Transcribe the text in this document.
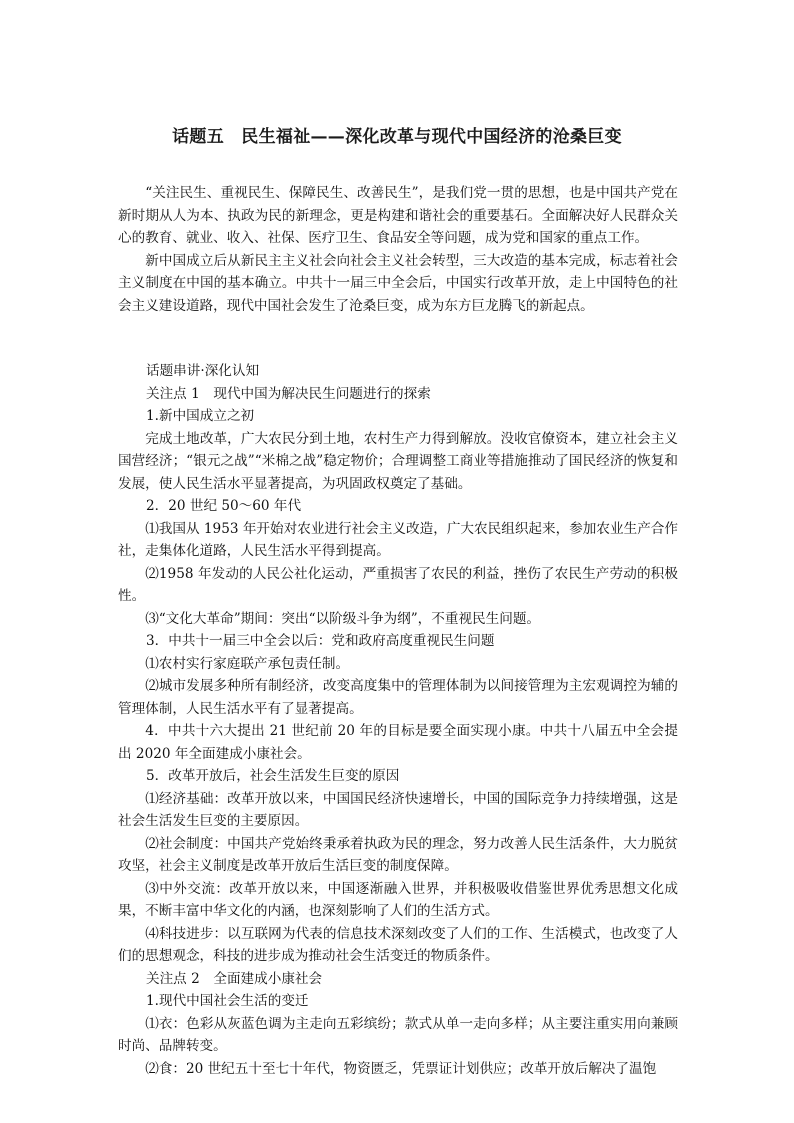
话题五　民生福祉——深化改革与现代中国经济的沧桑巨变

“关注民生、重视民生、保障民生、改善民生”，是我们党一贯的思想，也是中国共产党在新时期从人为本、执政为民的新理念，更是构建和谐社会的重要基石。全面解决好人民群众关心的教育、就业、收入、社保、医疗卫生、食品安全等问题，成为党和国家的重点工作。

新中国成立后从新民主主义社会向社会主义社会转型，三大改造的基本完成，标志着社会主义制度在中国的基本确立。中共十一届三中全会后，中国实行改革开放，走上中国特色的社会主义建设道路，现代中国社会发生了沧桑巨变，成为东方巨龙腾飞的新起点。

话题串讲·深化认知

关注点 1　现代中国为解决民生问题进行的探索

1.新中国成立之初

完成土地改革，广大农民分到土地，农村生产力得到解放。没收官僚资本，建立社会主义国营经济；“银元之战”“米棉之战”稳定物价；合理调整工商业等措施推动了国民经济的恢复和发展，使人民生活水平显著提高，为巩固政权奠定了基础。

2．20 世纪 50～60 年代

⑴我国从 1953 年开始对农业进行社会主义改造，广大农民组织起来，参加农业生产合作社，走集体化道路，人民生活水平得到提高。

⑵1958 年发动的人民公社化运动，严重损害了农民的利益，挫伤了农民生产劳动的积极性。

⑶“文化大革命”期间：突出“以阶级斗争为纲”，不重视民生问题。

3．中共十一届三中全会以后：党和政府高度重视民生问题

⑴农村实行家庭联产承包责任制。

⑵城市发展多种所有制经济，改变高度集中的管理体制为以间接管理为主宏观调控为辅的管理体制，人民生活水平有了显著提高。

4．中共十六大提出 21 世纪前 20 年的目标是要全面实现小康。中共十八届五中全会提出 2020 年全面建成小康社会。

5．改革开放后，社会生活发生巨变的原因

⑴经济基础：改革开放以来，中国国民经济快速增长，中国的国际竞争力持续增强，这是社会生活发生巨变的主要原因。

⑵社会制度：中国共产党始终秉承着执政为民的理念，努力改善人民生活条件，大力脱贫攻坚，社会主义制度是改革开放后生活巨变的制度保障。

⑶中外交流：改革开放以来，中国逐渐融入世界，并积极吸收借鉴世界优秀思想文化成果，不断丰富中华文化的内涵，也深刻影响了人们的生活方式。

⑷科技进步：以互联网为代表的信息技术深刻改变了人们的工作、生活模式，也改变了人们的思想观念，科技的进步成为推动社会生活变迁的物质条件。

关注点 2　全面建成小康社会

1.现代中国社会生活的变迁

⑴衣：色彩从灰蓝色调为主走向五彩缤纷；款式从单一走向多样；从主要注重实用向兼顾时尚、品牌转变。

⑵食：20 世纪五十至七十年代，物资匮乏，凭票证计划供应；改革开放后解决了温饱
